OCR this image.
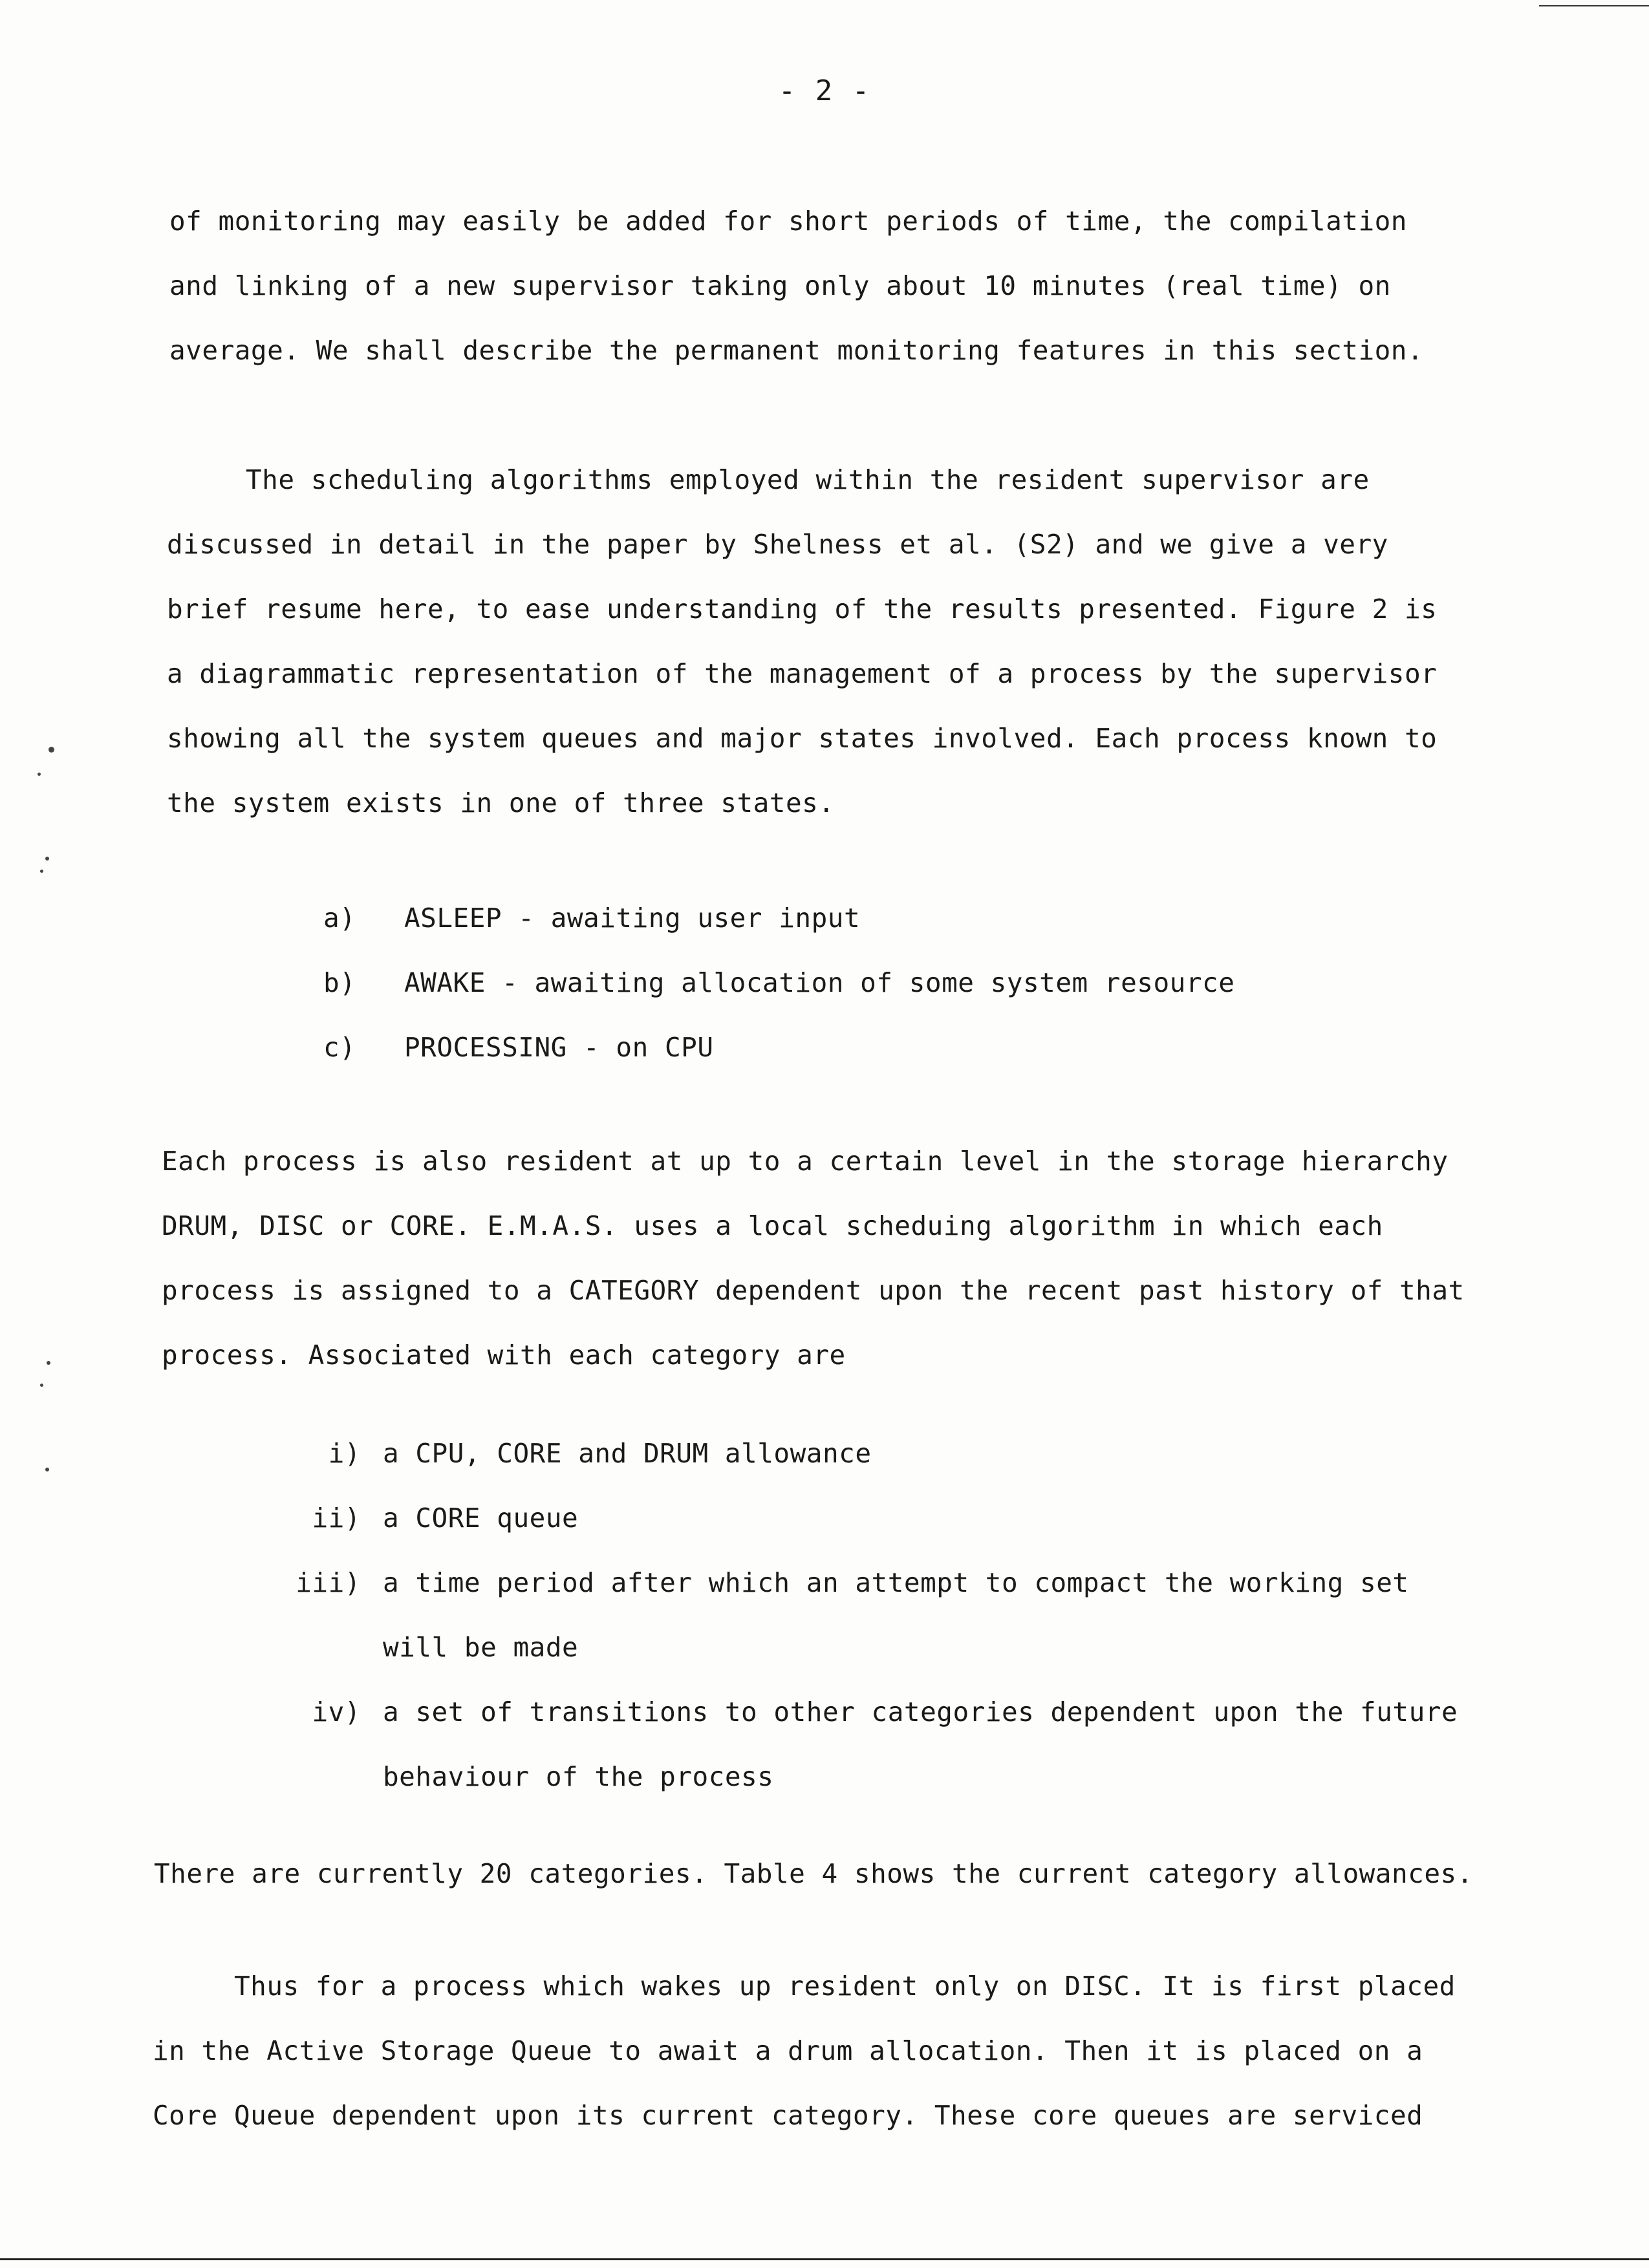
- 2 -
of monitoring may easily be added for short periods of time, the compilation
and linking of a new supervisor taking only about 10 minutes (real time) on
average. We shall describe the permanent monitoring features in this section.
The scheduling algorithms employed within the resident supervisor are
discussed in detail in the paper by Shelness et al. (S2) and we give a very
brief resume here, to ease understanding of the results presented. Figure 2 is
a diagrammatic representation of the management of a process by the supervisor
showing all the system queues and major states involved. Each process known to
the system exists in one of three states.
a) ASLEEP - awaiting user input
b) AWAKE - awaiting allocation of some system resource
c) PROCESSING - on CPU
Each process is also resident at up to a certain level in the storage hierarchy
DRUM, DISC or CORE. E.M.A.S. uses a local scheduing algorithm in which each
process is assigned to a CATEGORY dependent upon the recent past history of that
process. Associated with each category are
i) a CPU, CORE and DRUM allowance
ii) a CORE queue
iii) a time period after which an attempt to compact the working set
will be made
iv) a set of transitions to other categories dependent upon the future
behaviour of the process
There are currently 20 categories. Table 4 shows the current category allowances.
Thus for a process which wakes up resident only on DISC. It is first placed
in the Active Storage Queue to await a drum allocation. Then it is placed on a
Core Queue dependent upon its current category. These core queues are serviced
